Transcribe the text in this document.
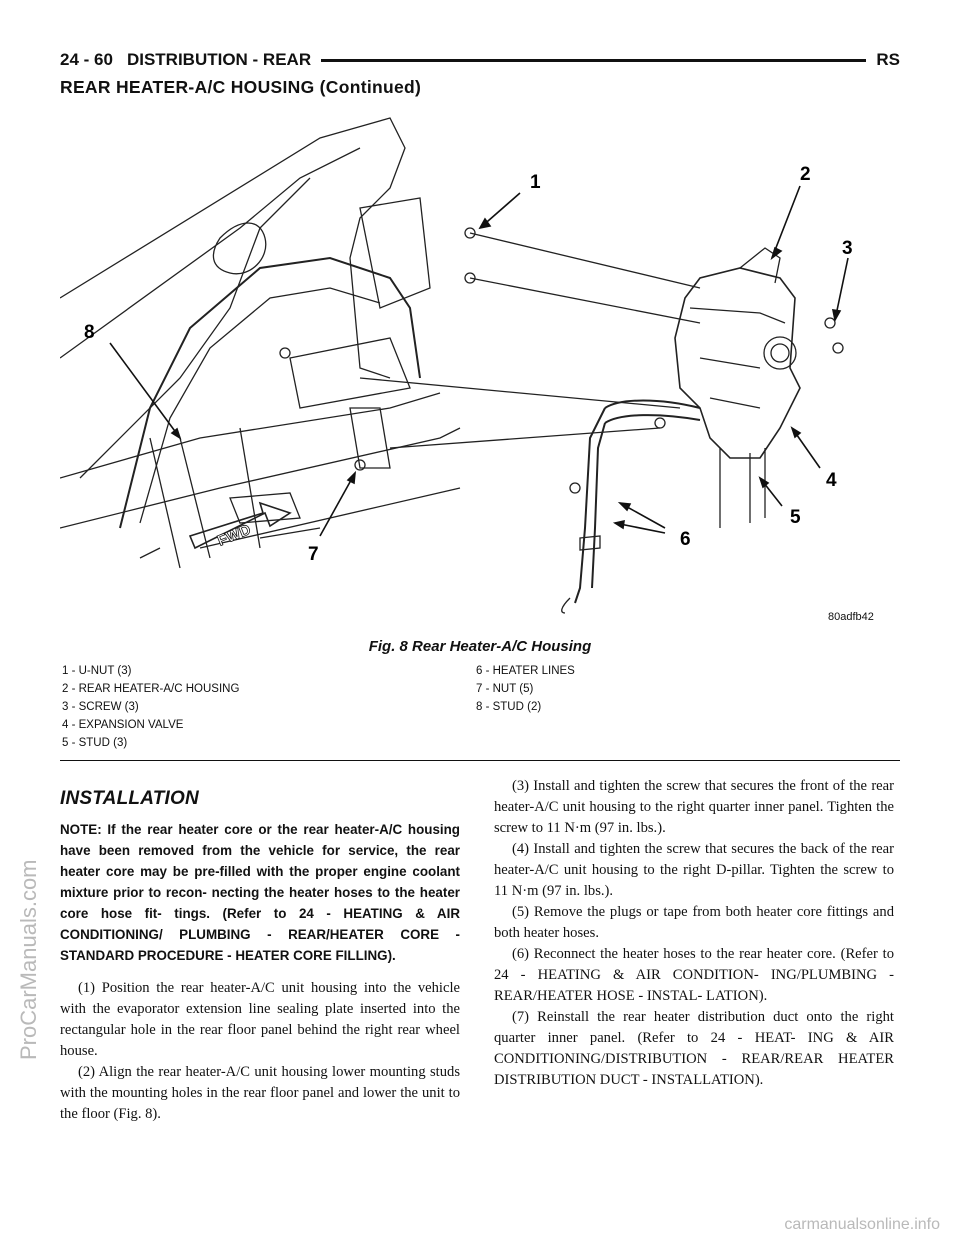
24 - 60 DISTRIBUTION - REAR	RS
REAR HEATER-A/C HOUSING (Continued)
1	2
3
4
5
6
7
8
FWD
80adfb42
Fig. 8 Rear Heater-A/C Housing
1 - U-NUT (3)
2 - REAR HEATER-A/C HOUSING
3 - SCREW (3)
4 - EXPANSION VALVE
5 - STUD (3)
6 - HEATER LINES
7 - NUT (5)
8 - STUD (2)
INSTALLATION

NOTE: If the rear heater core or the rear heater-A/C housing have been removed from the vehicle for service, the rear heater core may be pre-filled with the proper engine coolant mixture prior to recon- necting the heater hoses to the heater core hose fit- tings. (Refer to 24 - HEATING & AIR CONDITIONING/ PLUMBING - REAR/HEATER CORE - STANDARD PROCEDURE - HEATER CORE FILLING).

(1) Position the rear heater-A/C unit housing into the vehicle with the evaporator extension line sealing plate inserted into the rectangular hole in the rear floor panel behind the right rear wheel house.

(2) Align the rear heater-A/C unit housing lower mounting studs with the mounting holes in the rear floor panel and lower the unit to the floor (Fig. 8).

(3) Install and tighten the screw that secures the front of the rear heater-A/C unit housing to the right quarter inner panel. Tighten the screw to 11 N·m (97 in. lbs.).

(4) Install and tighten the screw that secures the back of the rear heater-A/C unit housing to the right D-pillar. Tighten the screw to 11 N·m (97 in. lbs.).

(5) Remove the plugs or tape from both heater core fittings and both heater hoses.

(6) Reconnect the heater hoses to the rear heater core. (Refer to 24 - HEATING & AIR CONDITION- ING/PLUMBING - REAR/HEATER HOSE - INSTAL- LATION).

(7) Reinstall the rear heater distribution duct onto the right quarter inner panel. (Refer to 24 - HEAT- ING & AIR CONDITIONING/DISTRIBUTION - REAR/REAR HEATER DISTRIBUTION DUCT - INSTALLATION).

ProCarManuals.com
carmanualsonline.info
